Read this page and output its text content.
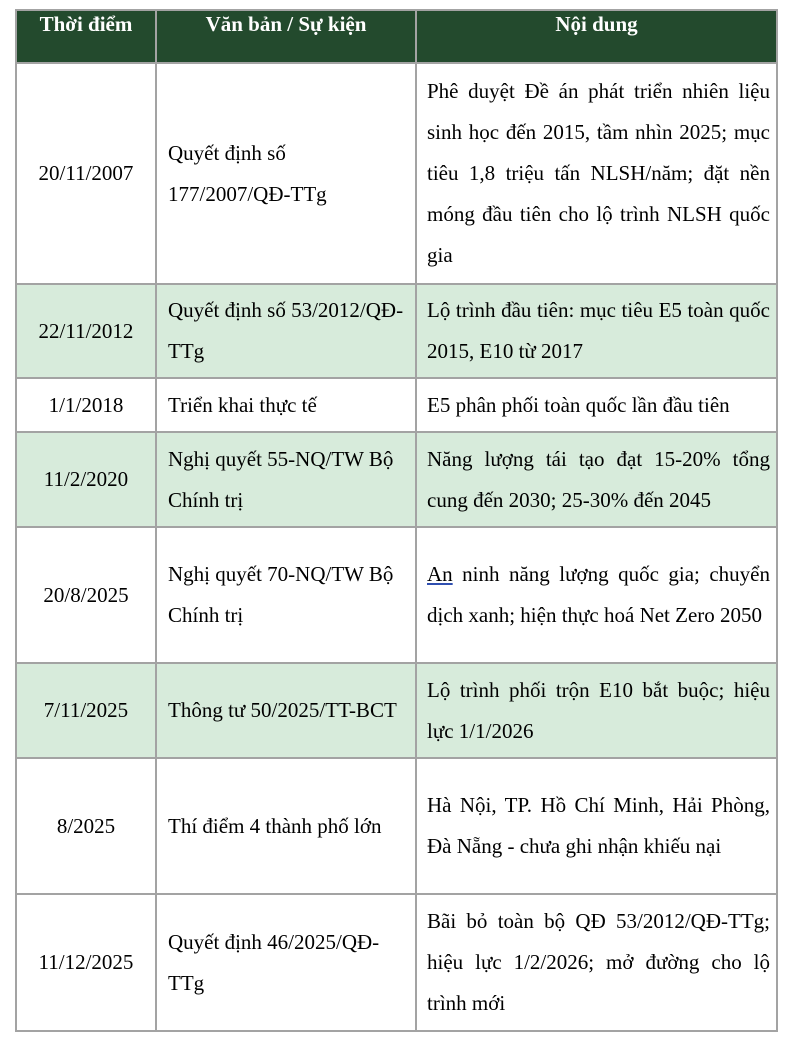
Thời điểm	Văn bản / Sự kiện	Nội dung
20/11/2007	Quyết định số 177/2007/QĐ-TTg	Phê duyệt Đề án phát triển nhiên liệu sinh học đến 2015, tầm nhìn 2025; mục tiêu 1,8 triệu tấn NLSH/năm; đặt nền móng đầu tiên cho lộ trình NLSH quốc gia
22/11/2012	Quyết định số 53/2012/QĐ-TTg	Lộ trình đầu tiên: mục tiêu E5 toàn quốc 2015, E10 từ 2017
1/1/2018	Triển khai thực tế	E5 phân phối toàn quốc lần đầu tiên
11/2/2020	Nghị quyết 55-NQ/TW Bộ Chính trị	Năng lượng tái tạo đạt 15-20% tổng cung đến 2030; 25-30% đến 2045
20/8/2025	Nghị quyết 70-NQ/TW Bộ Chính trị	An ninh năng lượng quốc gia; chuyển dịch xanh; hiện thực hoá Net Zero 2050
7/11/2025	Thông tư 50/2025/TT-BCT	Lộ trình phối trộn E10 bắt buộc; hiệu lực 1/1/2026
8/2025	Thí điểm 4 thành phố lớn	Hà Nội, TP. Hồ Chí Minh, Hải Phòng, Đà Nẵng - chưa ghi nhận khiếu nại
11/12/2025	Quyết định 46/2025/QĐ-TTg	Bãi bỏ toàn bộ QĐ 53/2012/QĐ-TTg; hiệu lực 1/2/2026; mở đường cho lộ trình mới
